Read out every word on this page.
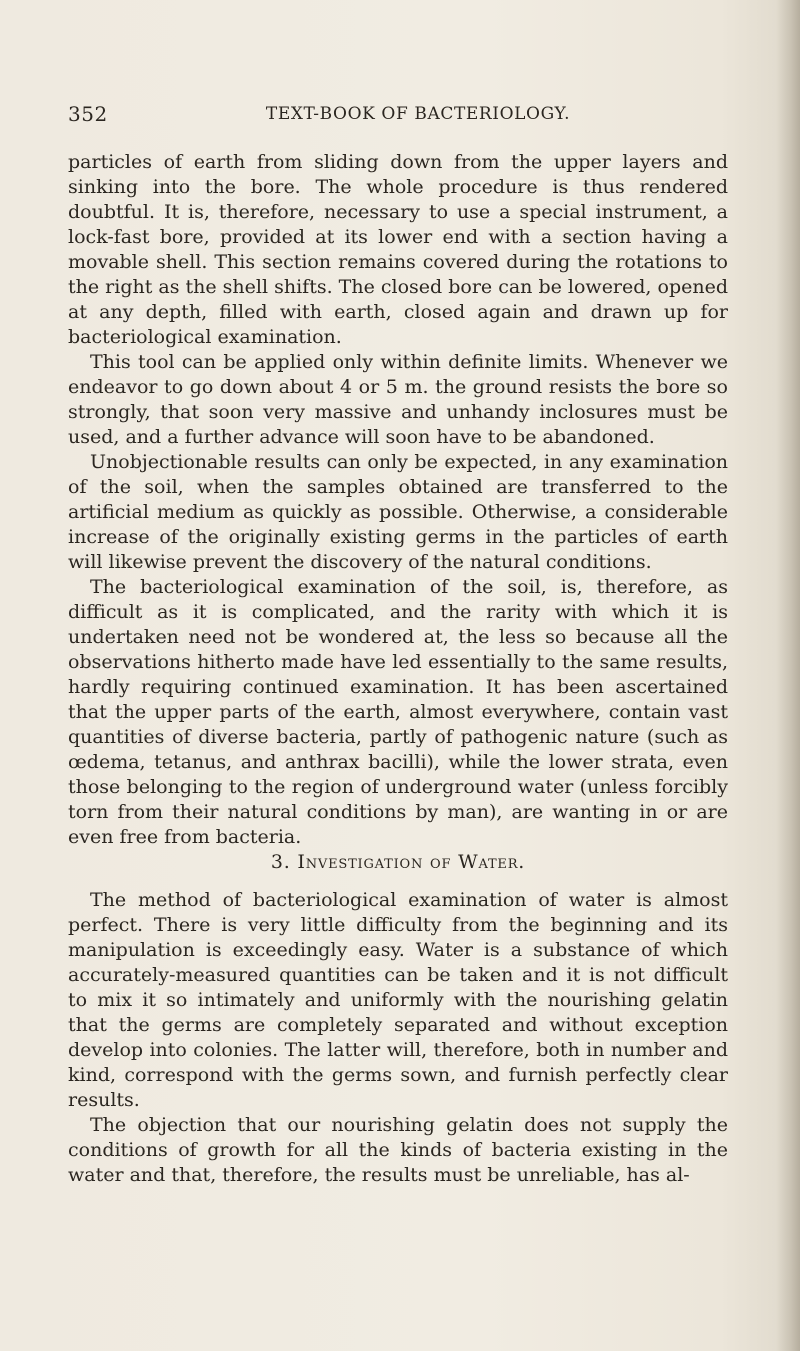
352	TEXT-BOOK OF BACTERIOLOGY.

particles of earth from sliding down from the upper layers and sinking into the bore. The whole procedure is thus rendered doubtful. It is, therefore, necessary to use a special instrument, a lock-fast bore, provided at its lower end with a section having a movable shell. This section remains covered during the rotations to the right as the shell shifts. The closed bore can be lowered, opened at any depth, filled with earth, closed again and drawn up for bacteriological examination.

This tool can be applied only within definite limits. Whenever we endeavor to go down about 4 or 5 m. the ground resists the bore so strongly, that soon very massive and unhandy inclosures must be used, and a further advance will soon have to be abandoned.

Unobjectionable results can only be expected, in any examination of the soil, when the samples obtained are transferred to the artificial medium as quickly as possible. Otherwise, a considerable increase of the originally existing germs in the particles of earth will likewise prevent the discovery of the natural conditions.

The bacteriological examination of the soil, is, therefore, as difficult as it is complicated, and the rarity with which it is undertaken need not be wondered at, the less so because all the observations hitherto made have led essentially to the same results, hardly requiring continued examination. It has been ascertained that the upper parts of the earth, almost everywhere, contain vast quantities of diverse bacteria, partly of pathogenic nature (such as œdema, tetanus, and anthrax bacilli), while the lower strata, even those belonging to the region of underground water (unless forcibly torn from their natural conditions by man), are wanting in or are even free from bacteria.

3. Investigation of Water.

The method of bacteriological examination of water is almost perfect. There is very little difficulty from the beginning and its manipulation is exceedingly easy. Water is a substance of which accurately-measured quantities can be taken and it is not difficult to mix it so intimately and uniformly with the nourishing gelatin that the germs are completely separated and without exception develop into colonies. The latter will, therefore, both in number and kind, correspond with the germs sown, and furnish perfectly clear results.

The objection that our nourishing gelatin does not supply the conditions of growth for all the kinds of bacteria existing in the water and that, therefore, the results must be unreliable, has al-
